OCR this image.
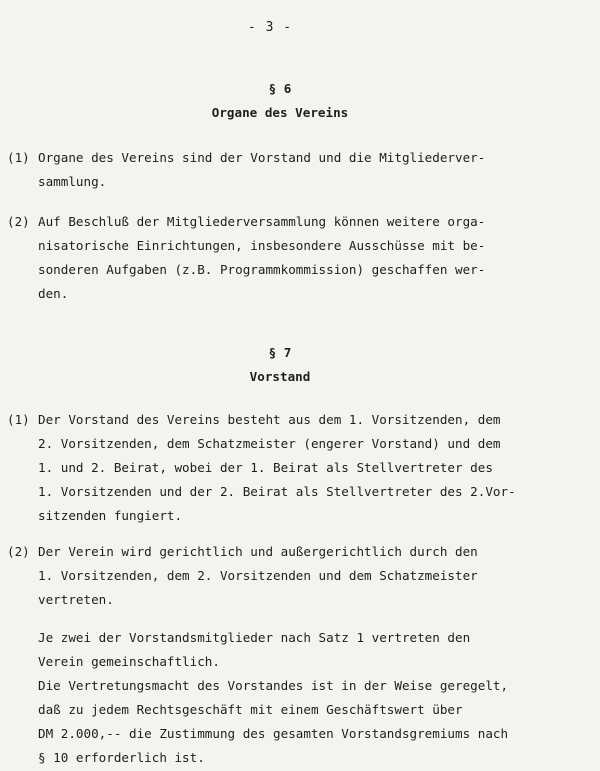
- 3 -
§ 6
Organe des Vereins
(1) Organe des Vereins sind der Vorstand und die Mitgliederver-
sammlung.
(2) Auf Beschluß der Mitgliederversammlung können weitere orga-
nisatorische Einrichtungen, insbesondere Ausschüsse mit be-
sonderen Aufgaben (z.B. Programmkommission) geschaffen wer-
den.
§ 7
Vorstand
(1) Der Vorstand des Vereins besteht aus dem 1. Vorsitzenden, dem
2. Vorsitzenden, dem Schatzmeister (engerer Vorstand) und dem
1. und 2. Beirat, wobei der 1. Beirat als Stellvertreter des
1. Vorsitzenden und der 2. Beirat als Stellvertreter des 2.Vor-
sitzenden fungiert.
(2) Der Verein wird gerichtlich und außergerichtlich durch den
1. Vorsitzenden, dem 2. Vorsitzenden und dem Schatzmeister
vertreten.
Je zwei der Vorstandsmitglieder nach Satz 1 vertreten den
Verein gemeinschaftlich.
Die Vertretungsmacht des Vorstandes ist in der Weise geregelt,
daß zu jedem Rechtsgeschäft mit einem Geschäftswert über
DM 2.000,-- die Zustimmung des gesamten Vorstandsgremiums nach
§ 10 erforderlich ist.
